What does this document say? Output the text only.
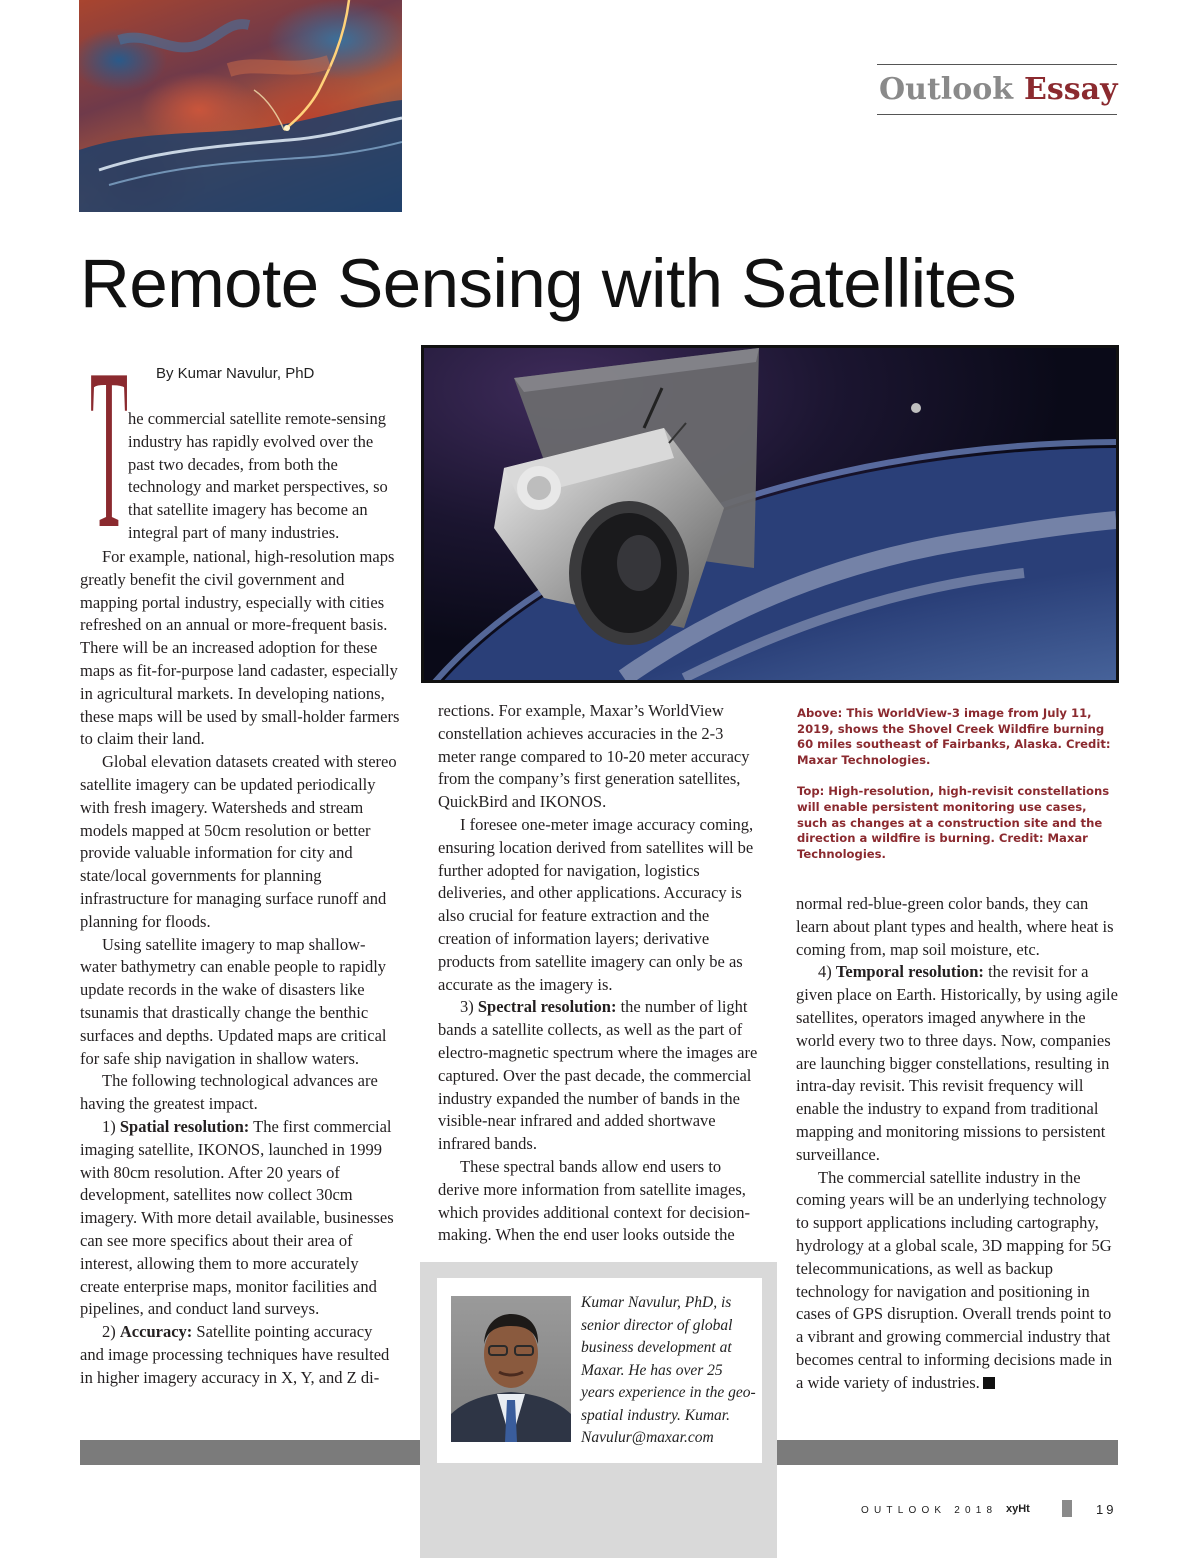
Outlook Essay
Remote Sensing with Satellites
T By Kumar Navulur, PhD

he commercial satellite remote-sensing industry has rapidly evolved over the past two decades, from both the technology and market perspectives, so that satellite imagery has become an integral part of many industries.

For example, national, high-resolution maps greatly benefit the civil government and mapping portal industry, especially with cities refreshed on an annual or more-frequent basis. There will be an increased adoption for these maps as fit-for-purpose land cadaster, especially in agricultural markets. In developing nations, these maps will be used by small-holder farmers to claim their land.

Global elevation datasets created with stereo satellite imagery can be updated periodically with fresh imagery. Watersheds and stream models mapped at 50cm resolution or better provide valuable information for city and state/local governments for planning infrastructure for managing surface runoff and planning for floods.

Using satellite imagery to map shallow-water bathymetry can enable people to rapidly update records in the wake of disasters like tsunamis that drastically change the benthic surfaces and depths. Updated maps are critical for safe ship navigation in shallow waters.

The following technological advances are having the greatest impact.

1) Spatial resolution: The first commercial imaging satellite, IKONOS, launched in 1999 with 80cm resolution. After 20 years of development, satellites now collect 30cm imagery. With more detail available, businesses can see more specifics about their area of interest, allowing them to more accurately create enterprise maps, monitor facilities and pipelines, and conduct land surveys.

2) Accuracy: Satellite pointing accuracy and image processing techniques have resulted in higher imagery accuracy in X, Y, and Z di-

Above: This WorldView-3 image from July 11, 2019, shows the Shovel Creek Wildfire burning 60 miles southeast of Fairbanks, Alaska. Credit: Maxar Technologies.

Top: High-resolution, high-revisit constellations will enable persistent monitoring use cases, such as changes at a construction site and the direction a wildfire is burning. Credit: Maxar Technologies.

rections. For example, Maxar’s WorldView constellation achieves accuracies in the 2-3 meter range compared to 10-20 meter accuracy from the company’s first generation satellites, QuickBird and IKONOS.

I foresee one-meter image accuracy coming, ensuring location derived from satellites will be further adopted for navigation, logistics deliveries, and other applications. Accuracy is also crucial for feature extraction and the creation of information layers; derivative products from satellite imagery can only be as accurate as the imagery is.

3) Spectral resolution: the number of light bands a satellite collects, as well as the part of electro-magnetic spectrum where the images are captured. Over the past decade, the commercial industry expanded the number of bands in the visible-near infrared and added shortwave infrared bands.

These spectral bands allow end users to derive more information from satellite images, which provides additional context for decision-making. When the end user looks outside the

normal red-blue-green color bands, they can learn about plant types and health, where heat is coming from, map soil moisture, etc.

4) Temporal resolution: the revisit for a given place on Earth. Historically, by using agile satellites, operators imaged anywhere in the world every two to three days. Now, companies are launching bigger constellations, resulting in intra-day revisit. This revisit frequency will enable the industry to expand from traditional mapping and monitoring missions to persistent surveillance.

The commercial satellite industry in the coming years will be an underlying technology to support applications including cartography, hydrology at a global scale, 3D mapping for 5G telecommunications, as well as backup technology for navigation and positioning in cases of GPS disruption. Overall trends point to a vibrant and growing commercial industry that becomes central to informing decisions made in a wide variety of industries.

Kumar Navulur, PhD, is senior director of global business development at Maxar. He has over 25 years experience in the geo-spatial industry. Kumar. Navulur@maxar.com
OUTLOOK 2018 xyHt	19
